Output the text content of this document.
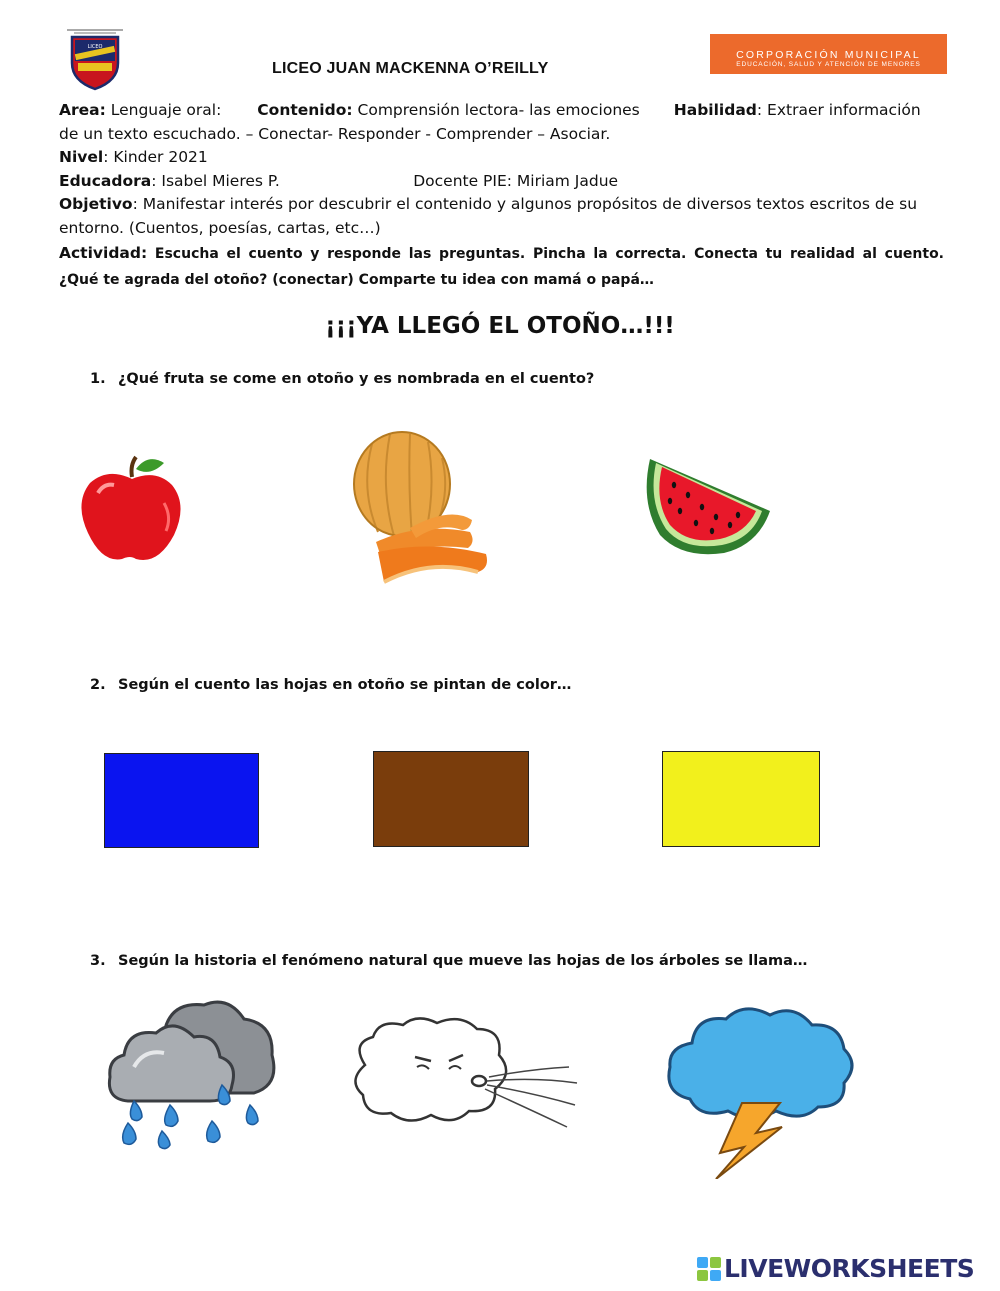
LICEO
LICEO JUAN MACKENNA O’REILLY
CORPORACIÓN MUNICIPAL
EDUCACIÓN, SALUD Y ATENCIÓN DE MENORES

Area: Lenguaje oral: Contenido: Comprensión lectora- las emociones Habilidad: Extraer información

de un texto escuchado. – Conectar- Responder - Comprender – Asociar.

Nivel: Kinder 2021

Educadora: Isabel Mieres P.	Docente PIE: Miriam Jadue

Objetivo: Manifestar interés por descubrir el contenido y algunos propósitos de diversos textos escritos de su entorno. (Cuentos, poesías, cartas, etc…)

Actividad: Escucha el cuento y responde las preguntas. Pincha la correcta. Conecta tu realidad al cuento. ¿Qué te agrada del otoño? (conectar) Comparte tu idea con mamá o papá…

¡¡¡YA LLEGÓ EL OTOÑO…!!!
1. ¿Qué fruta se come en otoño y es nombrada en el cuento?
2. Según el cuento las hojas en otoño se pintan de color…
3. Según la historia el fenómeno natural que mueve las hojas de los árboles se llama…
LIVEWORKSHEETS
